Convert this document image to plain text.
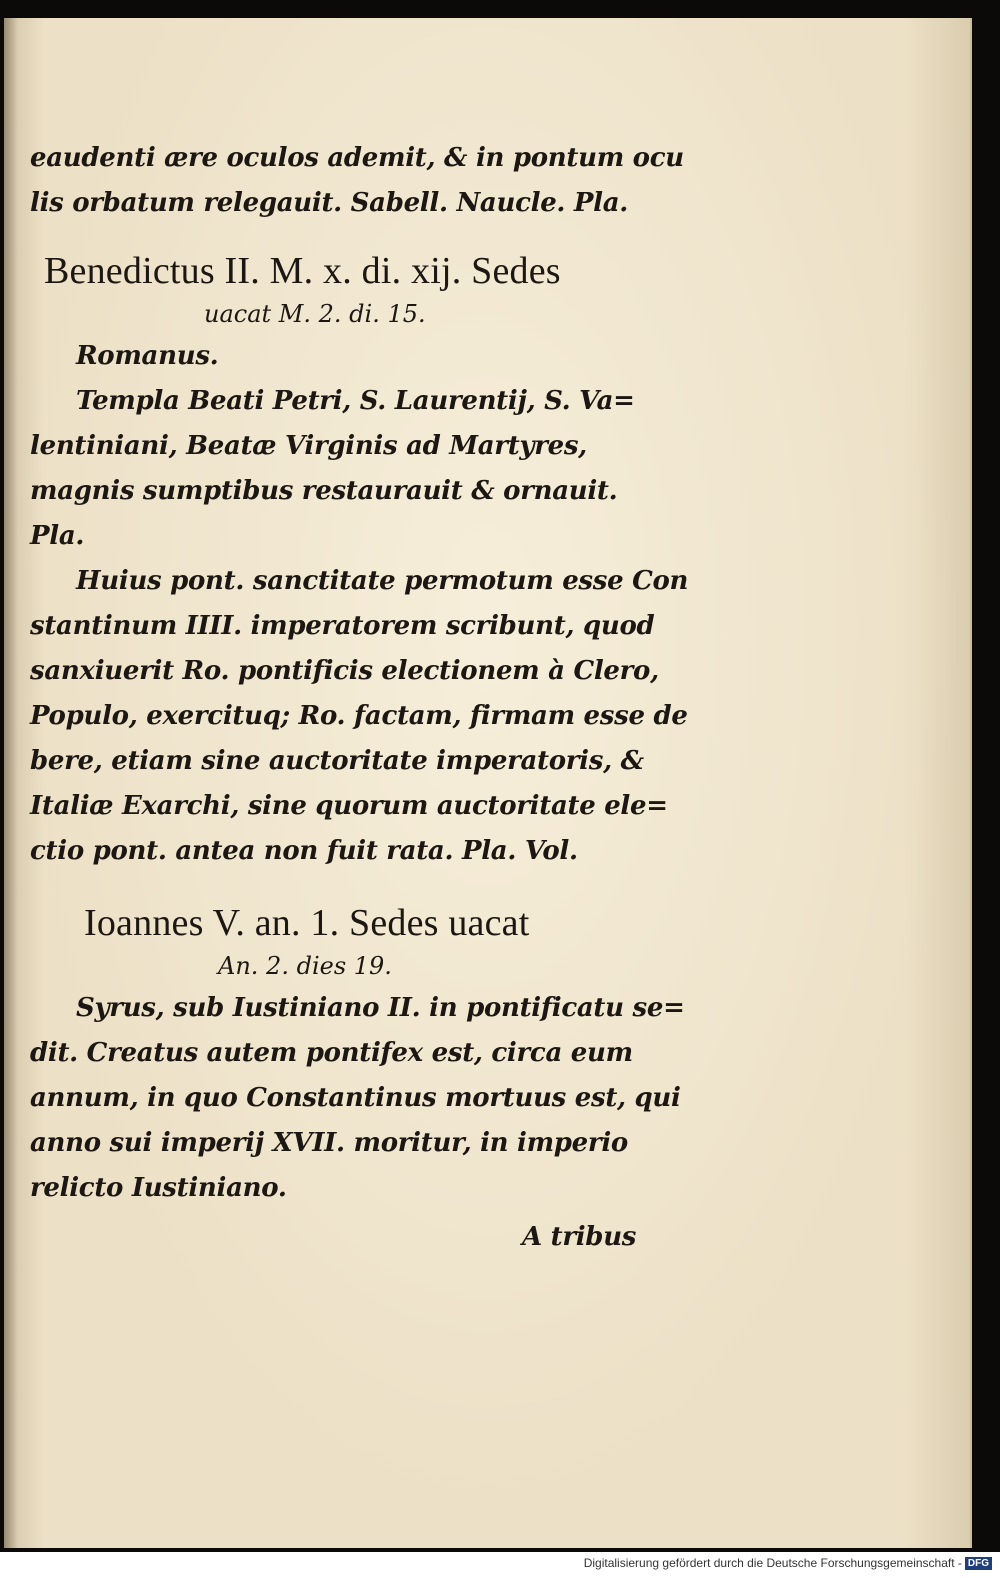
eaudenti ære oculos ademit, & in pontum ocu

lis orbatum relegauit. Sabell. Naucle. Pla.

Benedictus II. M. x. di. xij. Sedes

uacat M. 2. di. 15.

Romanus.

Templa Beati Petri, S. Laurentij, S. Va=

lentiniani, Beatæ Virginis ad Martyres,

magnis sumptibus restaurauit & ornauit.

Pla.

Huius pont. sanctitate permotum esse Con

stantinum IIII. imperatorem scribunt, quod

sanxiuerit Ro. pontificis electionem à Clero,

Populo, exercituq; Ro. factam, firmam esse de

bere, etiam sine auctoritate imperatoris, &

Italiæ Exarchi, sine quorum auctoritate ele=

ctio pont. antea non fuit rata. Pla. Vol.

Ioannes V. an. 1. Sedes uacat

An. 2. dies 19.

Syrus, sub Iustiniano II. in pontificatu se=

dit. Creatus autem pontifex est, circa eum

annum, in quo Constantinus mortuus est, qui

anno sui imperij XVII. moritur, in imperio

relicto Iustiniano.

A tribus

Digitalisierung gefördert durch die Deutsche Forschungsgemeinschaft - DFG
